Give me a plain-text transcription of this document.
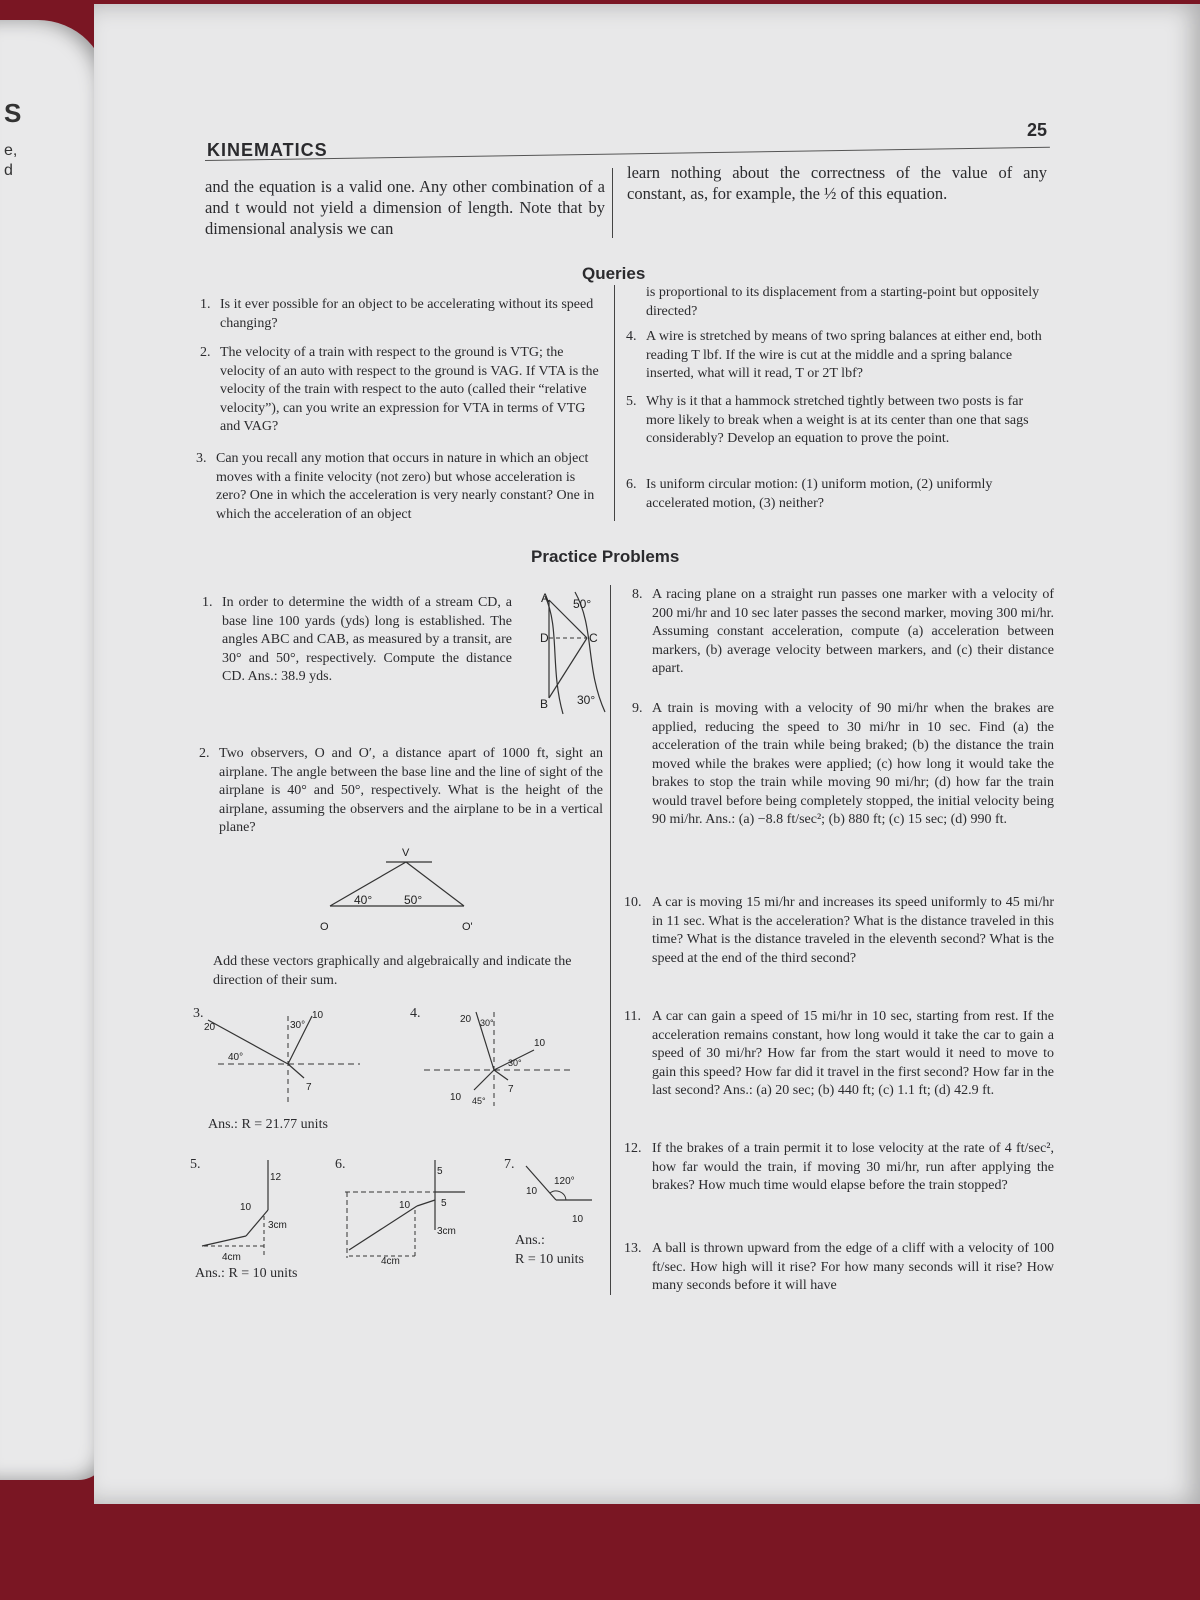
S
e,
d
KINEMATICS
25
and the equation is a valid one. Any other combination of a and t would not yield a dimension of length. Note that by dimensional analysis we can
learn nothing about the correctness of the value of any constant, as, for example, the ½ of this equation.
Queries
1. Is it ever possible for an object to be accelerating without its speed changing?
2. The velocity of a train with respect to the ground is VTG; the velocity of an auto with respect to the ground is VAG. If VTA is the velocity of the train with respect to the auto (called their “relative velocity”), can you write an expression for VTA in terms of VTG and VAG?
3. Can you recall any motion that occurs in nature in which an object moves with a finite velocity (not zero) but whose acceleration is zero? One in which the acceleration is very nearly constant? One in which the acceleration of an object
is proportional to its displacement from a starting-point but oppositely directed?
4. A wire is stretched by means of two spring balances at either end, both reading T lbf. If the wire is cut at the middle and a spring balance inserted, what will it read, T or 2T lbf?
5. Why is it that a hammock stretched tightly between two posts is far more likely to break when a weight is at its center than one that sags considerably? Develop an equation to prove the point.
6. Is uniform circular motion: (1) uniform motion, (2) uniformly accelerated motion, (3) neither?
Practice Problems
1. In order to determine the width of a stream CD, a base line 100 yards (yds) long is established. The angles ABC and CAB, as measured by a transit, are 30° and 50°, respectively. Compute the distance CD. Ans.: 38.9 yds.
A
D	C
B
50°
30°
2. Two observers, O and O′, a distance apart of 1000 ft, sight an airplane. The angle between the base line and the line of sight of the airplane is 40° and 50°, respectively. What is the height of the airplane, assuming the observers and the airplane to be in a vertical plane?
V
O	O'
40°	50°
Add these vectors graphically and algebraically and indicate the direction of their sum.
3.
20
10
7
30°
40°
Ans.: R = 21.77 units
4.	20
10
7
10
30°
30°
45°
5.
12
10
3cm
4cm
Ans.: R = 10 units
6.	5
5
10
3cm
4cm
7.
10
10
120°
Ans.:
R = 10 units
8. A racing plane on a straight run passes one marker with a velocity of 200 mi/hr and 10 sec later passes the second marker, moving 300 mi/hr. Assuming constant acceleration, compute (a) acceleration between markers, (b) average velocity between markers, and (c) their distance apart.
9. A train is moving with a velocity of 90 mi/hr when the brakes are applied, reducing the speed to 30 mi/hr in 10 sec. Find (a) the acceleration of the train while being braked; (b) the distance the train moved while the brakes were applied; (c) how long it would take the brakes to stop the train while moving 90 mi/hr; (d) how far the train would travel before being completely stopped, the initial velocity being 90 mi/hr. Ans.: (a) −8.8 ft/sec²; (b) 880 ft; (c) 15 sec; (d) 990 ft.
10. A car is moving 15 mi/hr and increases its speed uniformly to 45 mi/hr in 11 sec. What is the acceleration? What is the distance traveled in this time? What is the distance traveled in the eleventh second? What is the speed at the end of the third second?
11. A car can gain a speed of 15 mi/hr in 10 sec, starting from rest. If the acceleration remains constant, how long would it take the car to gain a speed of 30 mi/hr? How far from the start would it need to move to gain this speed? How far did it travel in the first second? How far in the last second? Ans.: (a) 20 sec; (b) 440 ft; (c) 1.1 ft; (d) 42.9 ft.
12. If the brakes of a train permit it to lose velocity at the rate of 4 ft/sec², how far would the train, if moving 30 mi/hr, run after applying the brakes? How much time would elapse before the train stopped?
13. A ball is thrown upward from the edge of a cliff with a velocity of 100 ft/sec. How high will it rise? For how many seconds will it rise? How many seconds before it will have
